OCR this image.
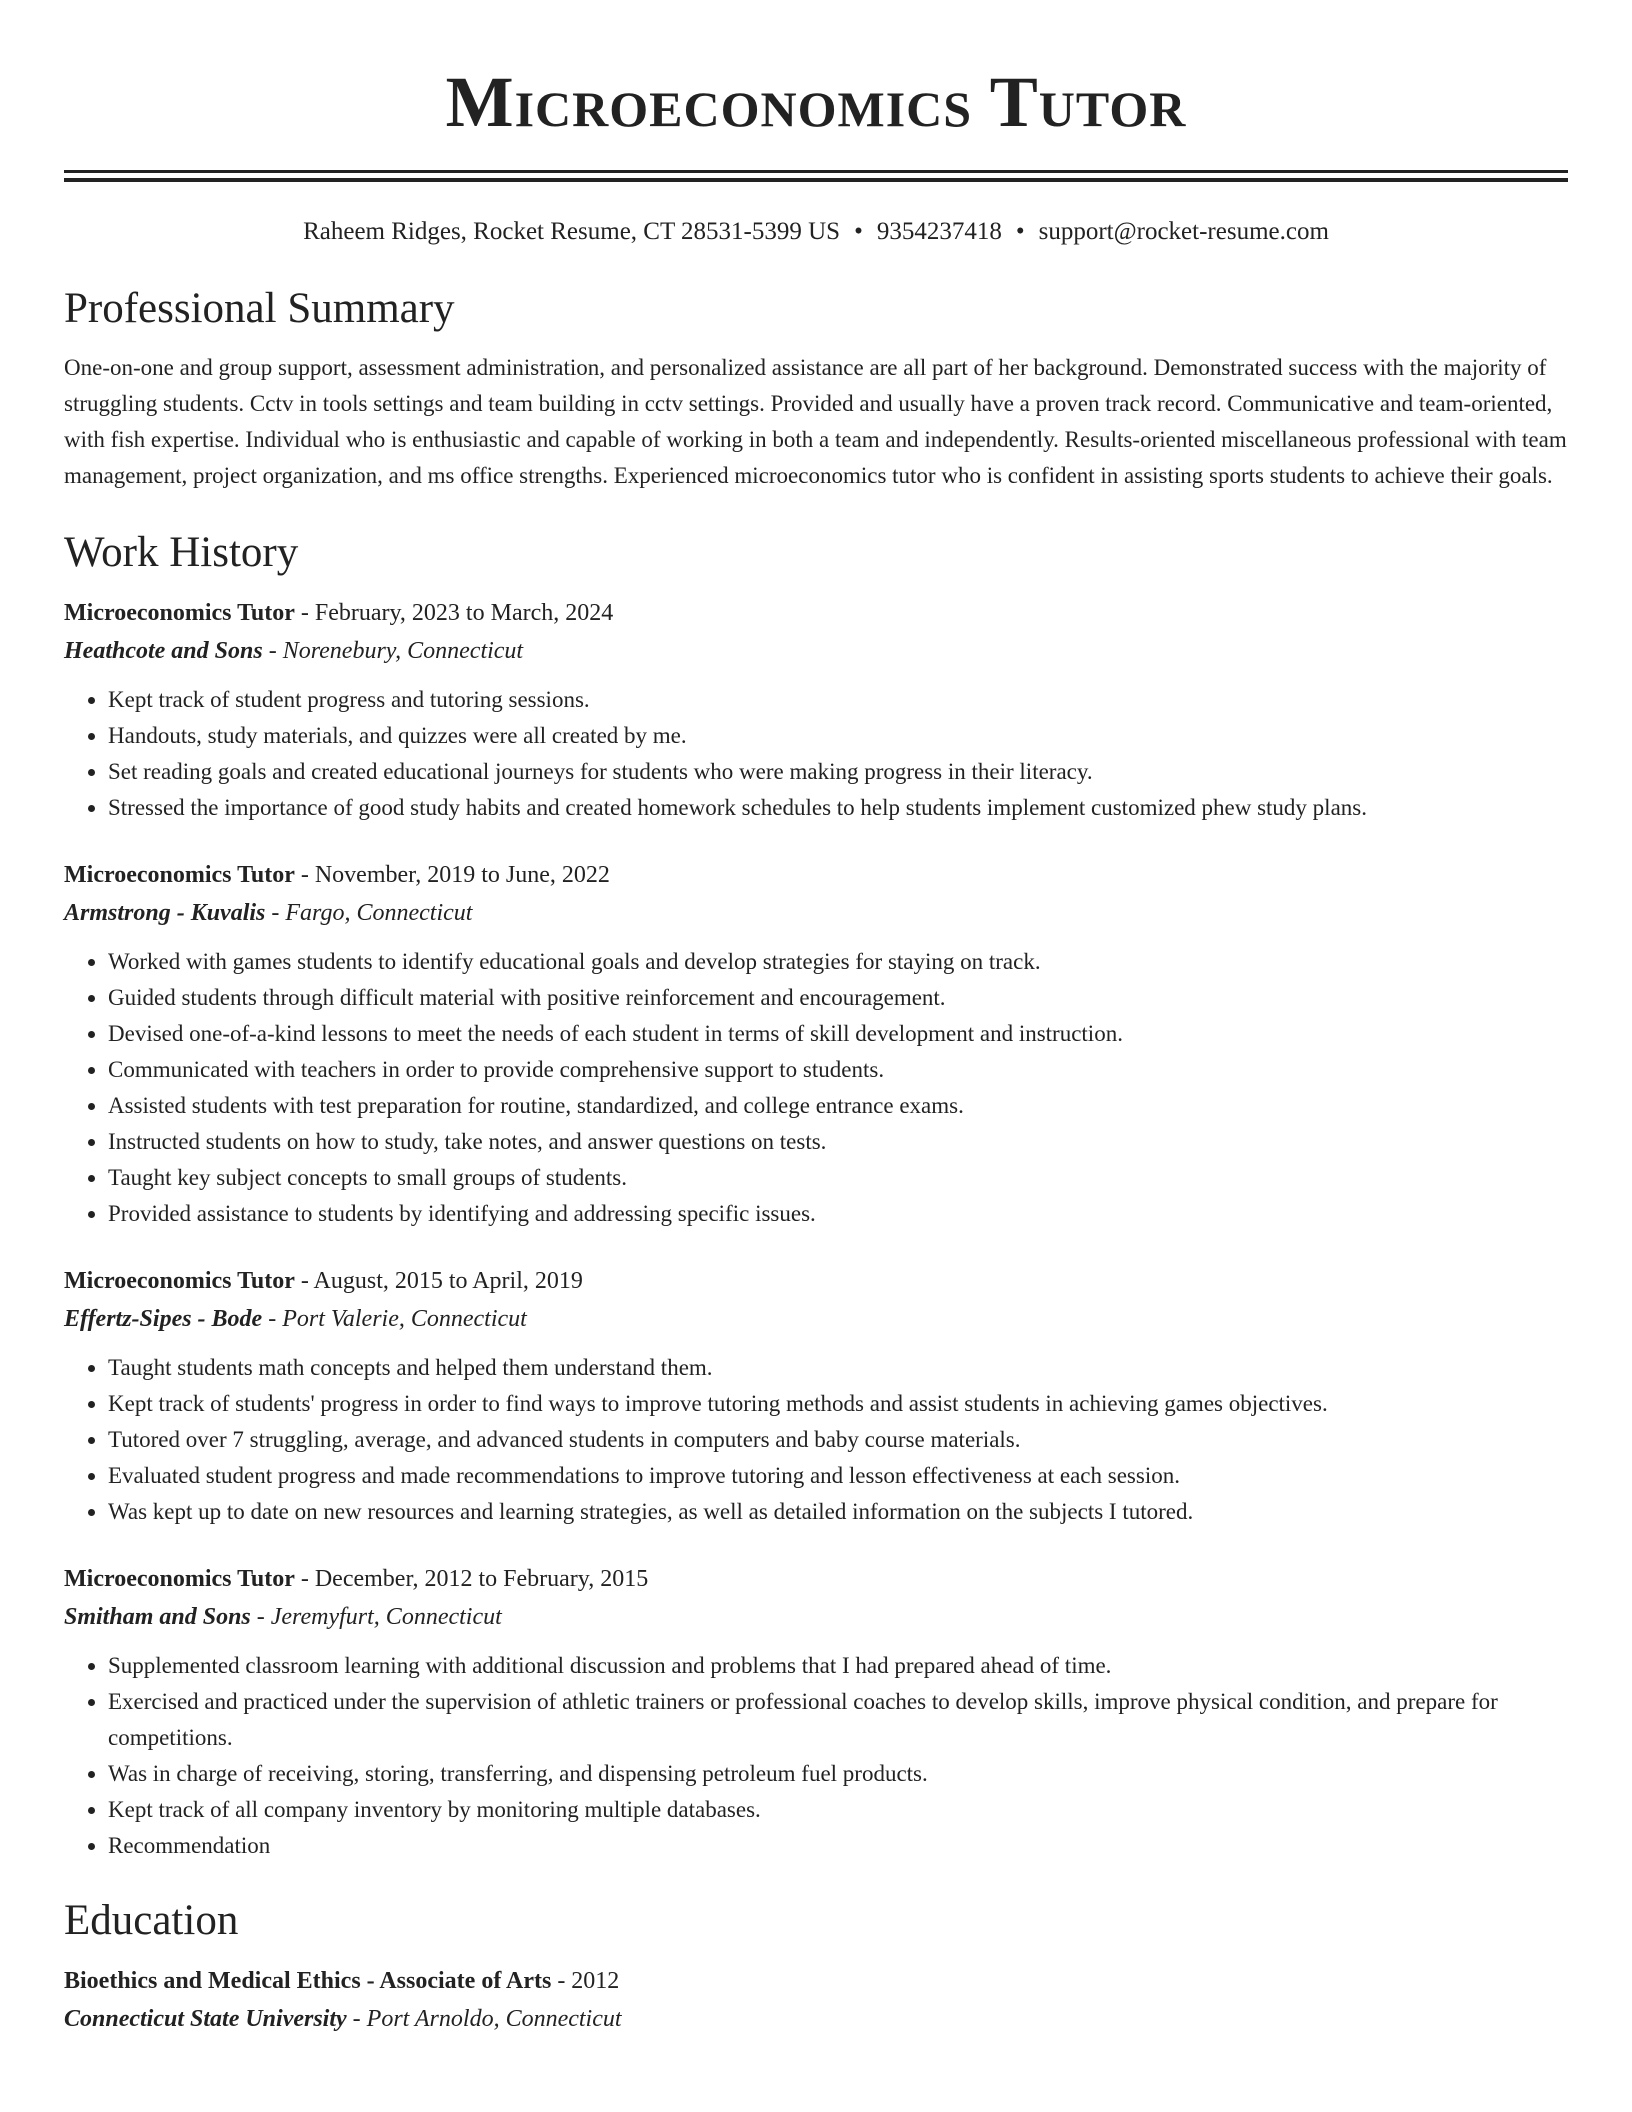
Microeconomics Tutor
Raheem Ridges, Rocket Resume, CT 28531-5399 US • 9354237418 • support@rocket-resume.com
Professional Summary

One-on-one and group support, assessment administration, and personalized assistance are all part of her background. Demonstrated success with the majority of struggling students. Cctv in tools settings and team building in cctv settings. Provided and usually have a proven track record. Communicative and team-oriented, with fish expertise. Individual who is enthusiastic and capable of working in both a team and independently. Results-oriented miscellaneous professional with team management, project organization, and ms office strengths. Experienced microeconomics tutor who is confident in assisting sports students to achieve their goals.

Work History
Microeconomics Tutor - February, 2023 to March, 2024
Heathcote and Sons - Norenebury, Connecticut
• Kept track of student progress and tutoring sessions.
• Handouts, study materials, and quizzes were all created by me.
• Set reading goals and created educational journeys for students who were making progress in their literacy.
• Stressed the importance of good study habits and created homework schedules to help students implement customized phew study plans.
Microeconomics Tutor - November, 2019 to June, 2022
Armstrong - Kuvalis - Fargo, Connecticut
• Worked with games students to identify educational goals and develop strategies for staying on track.
• Guided students through difficult material with positive reinforcement and encouragement.
• Devised one-of-a-kind lessons to meet the needs of each student in terms of skill development and instruction.
• Communicated with teachers in order to provide comprehensive support to students.
• Assisted students with test preparation for routine, standardized, and college entrance exams.
• Instructed students on how to study, take notes, and answer questions on tests.
• Taught key subject concepts to small groups of students.
• Provided assistance to students by identifying and addressing specific issues.
Microeconomics Tutor - August, 2015 to April, 2019
Effertz-Sipes - Bode - Port Valerie, Connecticut
• Taught students math concepts and helped them understand them.
• Kept track of students' progress in order to find ways to improve tutoring methods and assist students in achieving games objectives.
• Tutored over 7 struggling, average, and advanced students in computers and baby course materials.
• Evaluated student progress and made recommendations to improve tutoring and lesson effectiveness at each session.
• Was kept up to date on new resources and learning strategies, as well as detailed information on the subjects I tutored.
Microeconomics Tutor - December, 2012 to February, 2015
Smitham and Sons - Jeremyfurt, Connecticut
• Supplemented classroom learning with additional discussion and problems that I had prepared ahead of time.
• Exercised and practiced under the supervision of athletic trainers or professional coaches to develop skills, improve physical condition, and prepare for competitions.
• Was in charge of receiving, storing, transferring, and dispensing petroleum fuel products.
• Kept track of all company inventory by monitoring multiple databases.
• Recommendation
Education
Bioethics and Medical Ethics - Associate of Arts - 2012
Connecticut State University - Port Arnoldo, Connecticut
